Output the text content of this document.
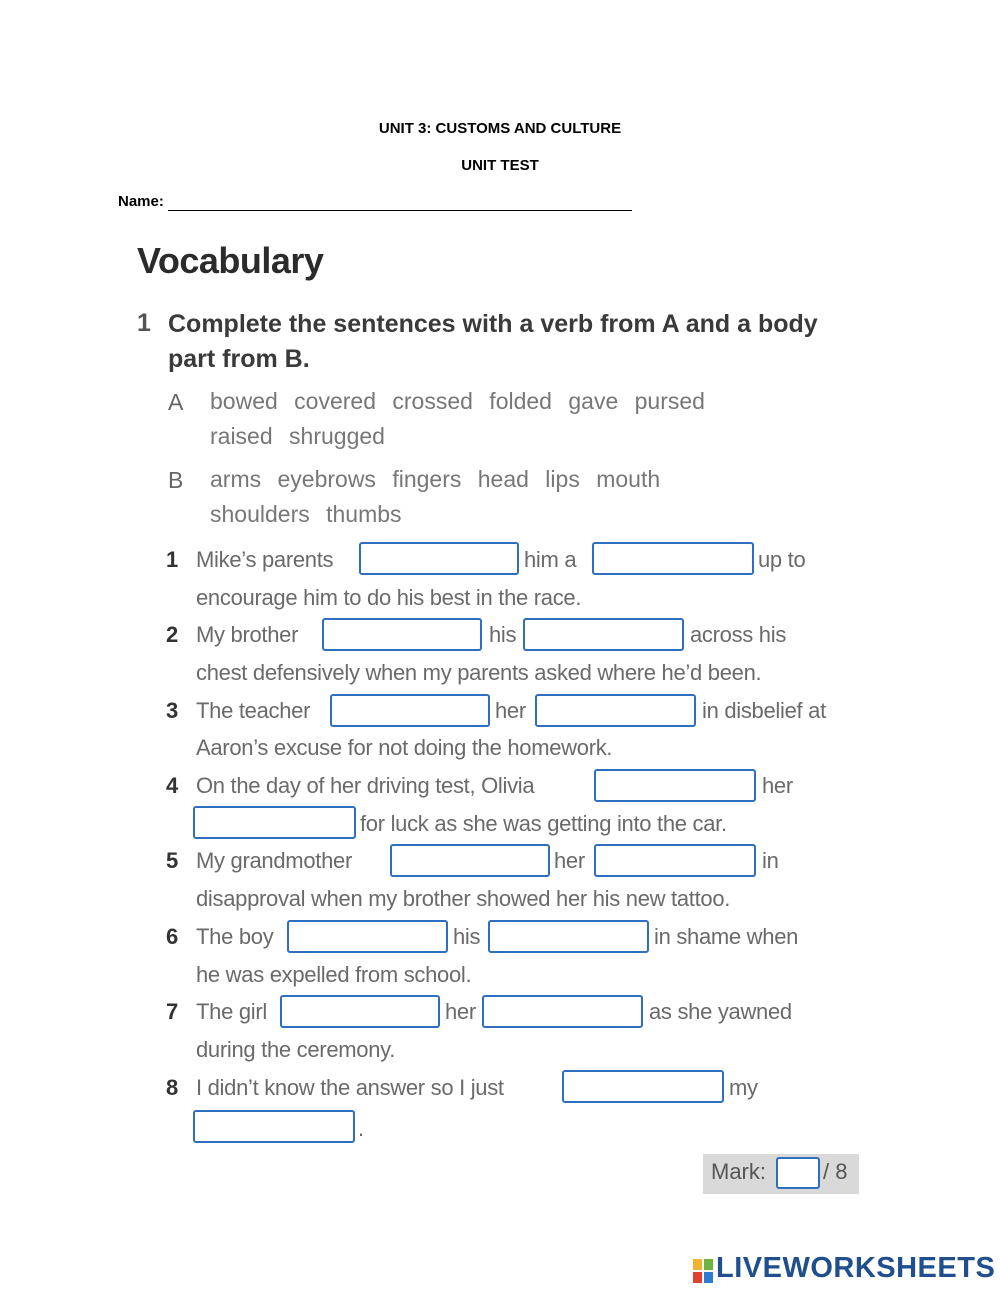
UNIT 3: CUSTOMS AND CULTURE
UNIT TEST
Name:
Vocabulary
1 Complete the sentences with a verb from A and a body
part from B.
A bowed covered crossed folded gave pursed
raised shrugged
B arms eyebrows fingers head lips mouth
shoulders thumbs
1 Mike’s parents	him a	up to
encourage him to do his best in the race.
2 My brother	his	across his
chest defensively when my parents asked where he’d been.
3 The teacher	her	in disbelief at
Aaron’s excuse for not doing the homework.
4 On the day of her driving test, Olivia	her
for luck as she was getting into the car.
5 My grandmother	her	in
disapproval when my brother showed her his new tattoo.
6 The boy	his	in shame when
he was expelled from school.
7 The girl	her	as she yawned
during the ceremony.
8 I didn’t know the answer so I just	my
.
Mark:	/ 8
LIVEWORKSHEETS
